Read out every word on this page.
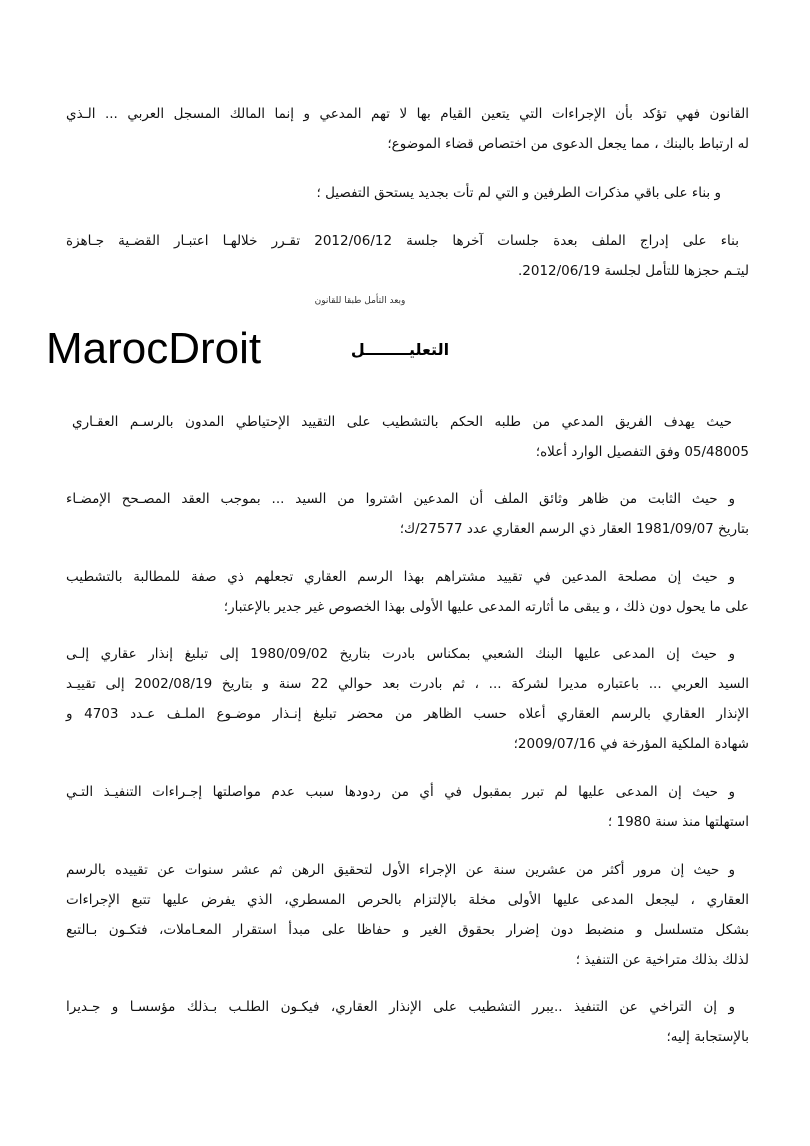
القانون فهي تؤكد بأن الإجراءات التي يتعين القيام بها لا تهم المدعي و إنما المالك المسجل العربي ... الـذي
له ارتباط بالبنك ، مما يجعل الدعوى من اختصاص قضاء الموضوع؛
و بناء على باقي مذكرات الطرفين و التي لم تأت بجديد يستحق التفصيل ؛
بناء على إدراج الملف بعدة جلسات آخرها جلسة 2012/06/12 تقـرر خلالهـا اعتبـار القضـية جـاهزة
ليتـم حجزها للتأمل لجلسة 2012/06/19.
وبعد التأمل طبقا للقانون
MarocDroit	التعليــــــــل
حيث يهدف الفريق المدعي من طلبه الحكم بالتشطيب على التقييد الإحتياطي المدون بالرسـم العقـاري
05/48005 وفق التفصيل الوارد أعلاه؛
و حيث الثابت من ظاهر وثائق الملف أن المدعين اشتروا من السيد ... بموجب العقد المصـحح الإمضـاء
بتاريخ 1981/09/07 العقار ذي الرسم العقاري عدد 27577/ك؛
و حيث إن مصلحة المدعين في تقييد مشتراهم بهذا الرسم العقاري تجعلهم ذي صفة للمطالبة بالتشطيب
على ما يحول دون ذلك ، و يبقى ما أثارته المدعى عليها الأولى بهذا الخصوص غير جدير بالإعتبار؛
و حيث إن المدعى عليها البنك الشعبي بمكناس بادرت بتاريخ 1980/09/02 إلى تبليغ إنذار عقاري إلـى
السيد العربي ... باعتباره مديرا لشركة ... ، ثم بادرت بعد حوالي 22 سنة و بتاريخ 2002/08/19 إلى تقييـد
الإنذار العقاري بالرسم العقاري أعلاه حسب الظاهر من محضر تبليغ إنـذار موضـوع الملـف عـدد 4703 و
شهادة الملكية المؤرخة في 2009/07/16؛
و حيث إن المدعى عليها لم تبرر بمقبول في أي من ردودها سبب عدم مواصلتها إجـراءات التنفيـذ التـي
استهلتها منذ سنة 1980 ؛
و حيث إن مرور أكثر من عشرين سنة عن الإجراء الأول لتحقيق الرهن ثم عشر سنوات عن تقييده بالرسم
العقاري ، ليجعل المدعى عليها الأولى مخلة بالإلتزام بالحرص المسطري، الذي يفرض عليها تتبع الإجراءات
بشكل متسلسل و منضبط دون إضرار بحقوق الغير و حفاظا على مبدأ استقرار المعـاملات، فتكـون بـالتبع
لذلك بذلك متراخية عن التنفيذ ؛
و إن التراخي عن التنفيذ ..يبرر التشطيب على الإنذار العقاري، فيكـون الطلـب بـذلك مؤسسـا و جـديرا
بالإستجابة إليه؛
